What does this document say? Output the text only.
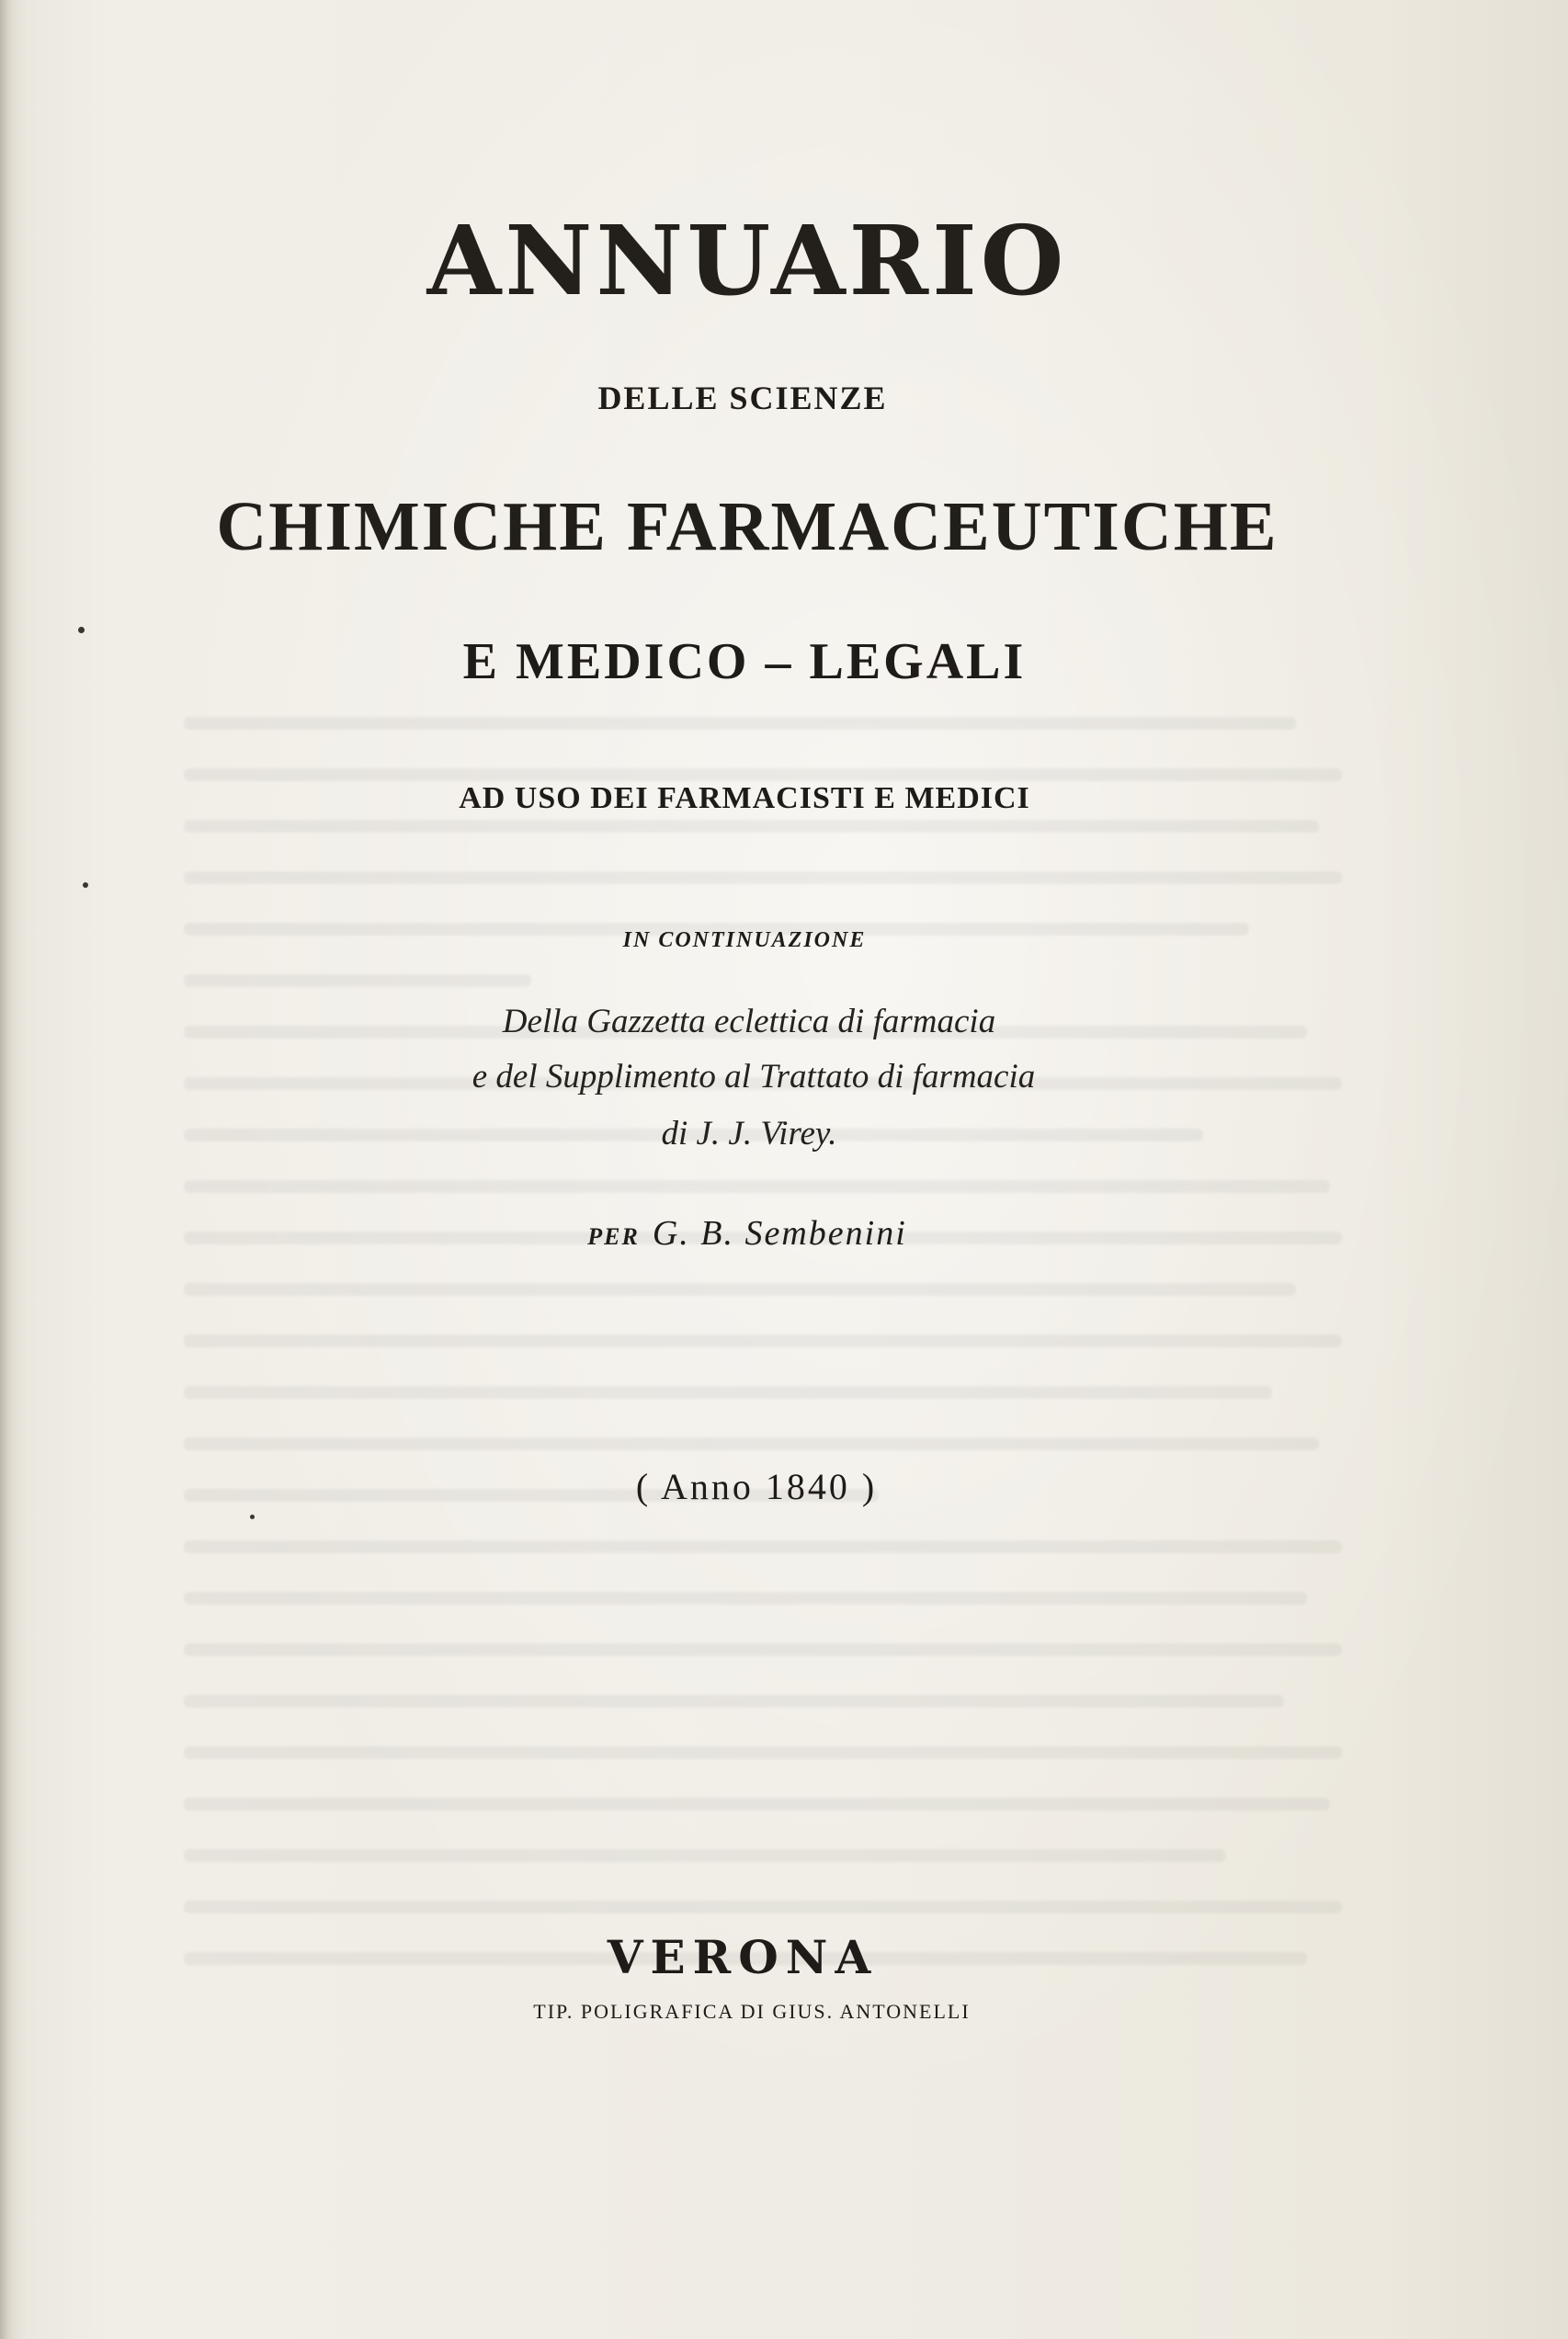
ANNUARIO
DELLE SCIENZE
CHIMICHE FARMACEUTICHE
E MEDICO – LEGALI
AD USO DEI FARMACISTI E MEDICI
IN CONTINUAZIONE
Della Gazzetta eclettica di farmacia
e del Supplimento al Trattato di farmacia
di J. J. Virey.
PER G. B. Sembenini
( Anno 1840 )
VERONA
TIP. POLIGRAFICA DI GIUS. ANTONELLI
